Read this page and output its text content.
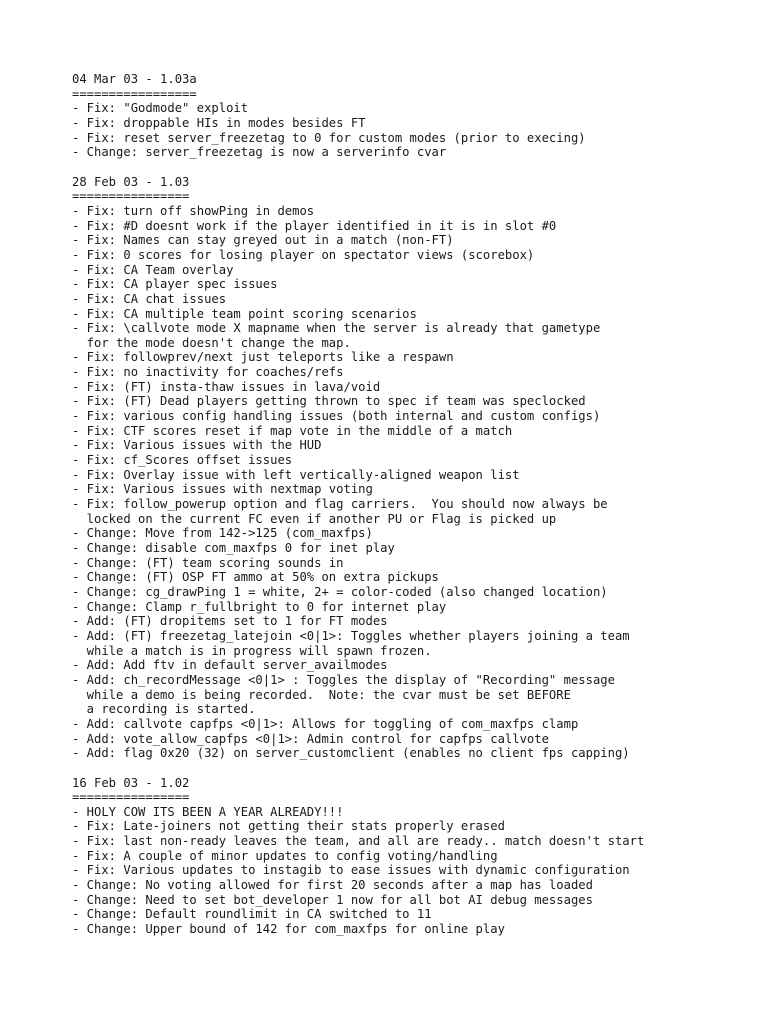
04 Mar 03 - 1.03a
=================
- Fix: "Godmode" exploit
- Fix: droppable HIs in modes besides FT
- Fix: reset server_freezetag to 0 for custom modes (prior to execing)
- Change: server_freezetag is now a serverinfo cvar
28 Feb 03 - 1.03
================
- Fix: turn off showPing in demos
- Fix: #D doesnt work if the player identified in it is in slot #0
- Fix: Names can stay greyed out in a match (non-FT)
- Fix: 0 scores for losing player on spectator views (scorebox)
- Fix: CA Team overlay
- Fix: CA player spec issues
- Fix: CA chat issues
- Fix: CA multiple team point scoring scenarios
- Fix: \callvote mode X mapname when the server is already that gametype
for the mode doesn't change the map.
- Fix: followprev/next just teleports like a respawn
- Fix: no inactivity for coaches/refs
- Fix: (FT) insta-thaw issues in lava/void
- Fix: (FT) Dead players getting thrown to spec if team was speclocked
- Fix: various config handling issues (both internal and custom configs)
- Fix: CTF scores reset if map vote in the middle of a match
- Fix: Various issues with the HUD
- Fix: cf_Scores offset issues
- Fix: Overlay issue with left vertically-aligned weapon list
- Fix: Various issues with nextmap voting
- Fix: follow_powerup option and flag carriers.  You should now always be
locked on the current FC even if another PU or Flag is picked up
- Change: Move from 142->125 (com_maxfps)
- Change: disable com_maxfps 0 for inet play
- Change: (FT) team scoring sounds in
- Change: (FT) OSP FT ammo at 50% on extra pickups
- Change: cg_drawPing 1 = white, 2+ = color-coded (also changed location)
- Change: Clamp r_fullbright to 0 for internet play
- Add: (FT) dropitems set to 1 for FT modes
- Add: (FT) freezetag_latejoin <0|1>: Toggles whether players joining a team
while a match is in progress will spawn frozen.
- Add: Add ftv in default server_availmodes
- Add: ch_recordMessage <0|1> : Toggles the display of "Recording" message
while a demo is being recorded.  Note: the cvar must be set BEFORE
a recording is started.
- Add: callvote capfps <0|1>: Allows for toggling of com_maxfps clamp
- Add: vote_allow_capfps <0|1>: Admin control for capfps callvote
- Add: flag 0x20 (32) on server_customclient (enables no client fps capping)
16 Feb 03 - 1.02
================
- HOLY COW ITS BEEN A YEAR ALREADY!!!
- Fix: Late-joiners not getting their stats properly erased
- Fix: last non-ready leaves the team, and all are ready.. match doesn't start
- Fix: A couple of minor updates to config voting/handling
- Fix: Various updates to instagib to ease issues with dynamic configuration
- Change: No voting allowed for first 20 seconds after a map has loaded
- Change: Need to set bot_developer 1 now for all bot AI debug messages
- Change: Default roundlimit in CA switched to 11
- Change: Upper bound of 142 for com_maxfps for online play
